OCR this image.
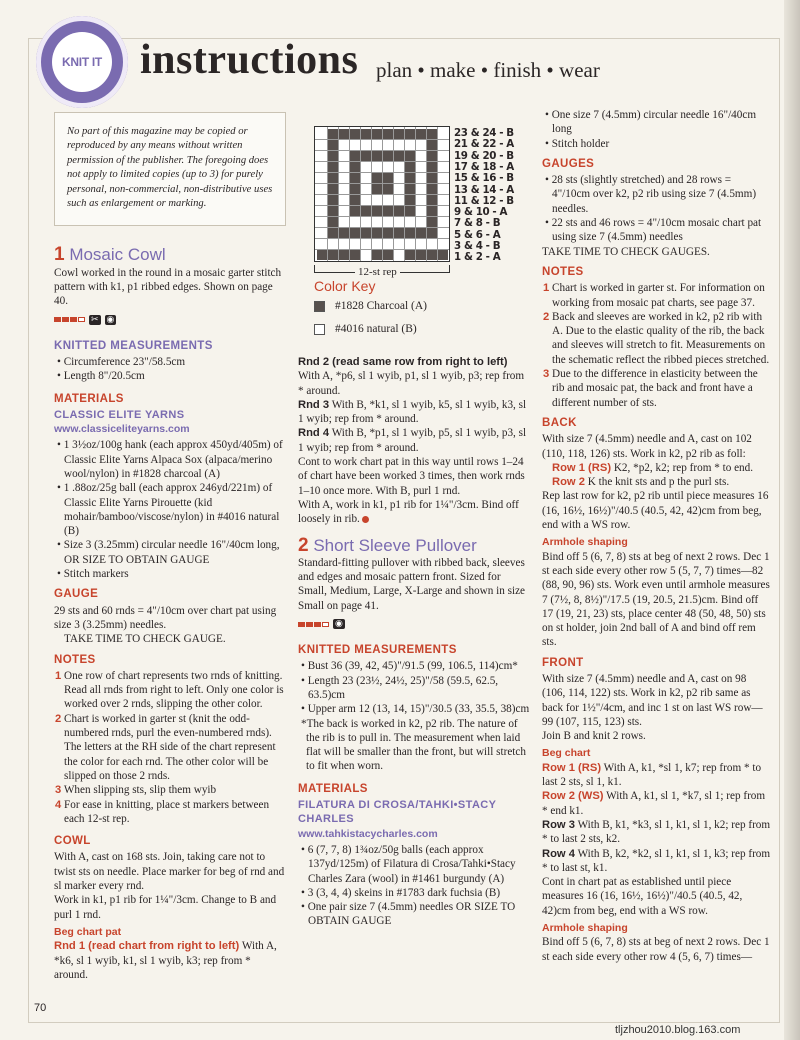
KNIT IT instructions plan • make • finish • wear
No part of this magazine may be copied or reproduced by any means without written permission of the publisher. The foregoing does not apply to limited copies (up to 3) for purely personal, non-commercial, non-distributive uses such as enlargement or marking.
1 Mosaic Cowl
Cowl worked in the round in a mosaic garter stitch pattern with k1, p1 ribbed edges. Shown on page 40.
✂ ◉
KNITTED MEASUREMENTS
• Circumference 23"/58.5cm
• Length 8"/20.5cm
MATERIALS
CLASSIC ELITE YARNS
www.classiceliteyarns.com
• 1 3½oz/100g hank (each approx 450yd/405m) of Classic Elite Yarns Alpaca Sox (alpaca/merino wool/nylon) in #1828 charcoal (A)
• 1 .88oz/25g ball (each approx 246yd/221m) of Classic Elite Yarns Pirouette (kid mohair/bamboo/viscose/nylon) in #4016 natural (B)
• Size 3 (3.25mm) circular needle 16"/40cm long, OR SIZE TO OBTAIN GAUGE
• Stitch markers
GAUGE
29 sts and 60 rnds = 4"/10cm over chart pat using size 3 (3.25mm) needles.
TAKE TIME TO CHECK GAUGE.
NOTES
1 One row of chart represents two rnds of knitting. Read all rnds from right to left. Only one color is worked over 2 rnds, slipping the other color.
2 Chart is worked in garter st (knit the odd-numbered rnds, purl the even-numbered rnds). The letters at the RH side of the chart represent the color for each rnd. The other color will be slipped on those 2 rnds.
3 When slipping sts, slip them wyib
4 For ease in knitting, place st markers between each 12-st rep.
COWL
With A, cast on 168 sts. Join, taking care not to twist sts on needle. Place marker for beg of rnd and sl marker every rnd.
Work in k1, p1 rib for 1¼"/3cm. Change to B and purl 1 rnd.
Beg chart pat
Rnd 1 (read chart from right to left) With A, *k6, sl 1 wyib, k1, sl 1 wyib, k3; rep from * around.
23 & 24 - B
21 & 22 - A
19 & 20 - B
17 & 18 - A
15 & 16 - B
13 & 14 - A
11 & 12 - B
9 & 10 - A
7 & 8 - B
5 & 6 - A
3 & 4 - B
1 & 2 - A
12-st rep
Color Key
#1828 Charcoal (A)
#4016 natural (B)
Rnd 2 (read same row from right to left) With A, *p6, sl 1 wyib, p1, sl 1 wyib, p3; rep from * around.
Rnd 3 With B, *k1, sl 1 wyib, k5, sl 1 wyib, k3, sl 1 wyib; rep from * around.
Rnd 4 With B, *p1, sl 1 wyib, p5, sl 1 wyib, p3, sl 1 wyib; rep from * around.
Cont to work chart pat in this way until rows 1–24 of chart have been worked 3 times, then work rnds 1–10 once more. With B, purl 1 rnd.
With A, work in k1, p1 rib for 1¼"/3cm. Bind off loosely in rib.
2 Short Sleeve Pullover
Standard-fitting pullover with ribbed back, sleeves and edges and mosaic pattern front. Sized for Small, Medium, Large, X-Large and shown in size Small on page 41.
◉
KNITTED MEASUREMENTS
• Bust 36 (39, 42, 45)"/91.5 (99, 106.5, 114)cm*
• Length 23 (23½, 24½, 25)"/58 (59.5, 62.5, 63.5)cm
• Upper arm 12 (13, 14, 15)"/30.5 (33, 35.5, 38)cm
*The back is worked in k2, p2 rib. The nature of the rib is to pull in. The measurement when laid flat will be smaller than the front, but will stretch to fit when worn.
MATERIALS
FILATURA DI CROSA/TAHKI•STACY CHARLES
www.tahkistacycharles.com
• 6 (7, 7, 8) 1¾oz/50g balls (each approx 137yd/125m) of Filatura di Crosa/Tahki•Stacy Charles Zara (wool) in #1461 burgundy (A)
• 3 (3, 4, 4) skeins in #1783 dark fuchsia (B)
• One pair size 7 (4.5mm) needles OR SIZE TO OBTAIN GAUGE
• One size 7 (4.5mm) circular needle 16"/40cm long
• Stitch holder
GAUGES
• 28 sts (slightly stretched) and 28 rows = 4"/10cm over k2, p2 rib using size 7 (4.5mm) needles.
• 22 sts and 46 rows = 4"/10cm mosaic chart pat using size 7 (4.5mm) needles
TAKE TIME TO CHECK GAUGES.
NOTES
1 Chart is worked in garter st. For information on working from mosaic pat charts, see page 37.
2 Back and sleeves are worked in k2, p2 rib with A. Due to the elastic quality of the rib, the back and sleeves will stretch to fit. Measurements on the schematic reflect the ribbed pieces stretched.
3 Due to the difference in elasticity between the rib and mosaic pat, the back and front have a different number of sts.
BACK
With size 7 (4.5mm) needle and A, cast on 102 (110, 118, 126) sts. Work in k2, p2 rib as foll:
Row 1 (RS) K2, *p2, k2; rep from * to end.
Row 2 K the knit sts and p the purl sts.
Rep last row for k2, p2 rib until piece measures 16 (16, 16½, 16½)"/40.5 (40.5, 42, 42)cm from beg, end with a WS row.
Armhole shaping
Bind off 5 (6, 7, 8) sts at beg of next 2 rows. Dec 1 st each side every other row 5 (5, 7, 7) times—82 (88, 90, 96) sts. Work even until armhole measures 7 (7½, 8, 8½)"/17.5 (19, 20.5, 21.5)cm. Bind off 17 (19, 21, 23) sts, place center 48 (50, 48, 50) sts on st holder, join 2nd ball of A and bind off rem sts.
FRONT
With size 7 (4.5mm) needle and A, cast on 98 (106, 114, 122) sts. Work in k2, p2 rib same as back for 1½"/4cm, and inc 1 st on last WS row—99 (107, 115, 123) sts.
Join B and knit 2 rows.
Beg chart
Row 1 (RS) With A, k1, *sl 1, k7; rep from * to last 2 sts, sl 1, k1.
Row 2 (WS) With A, k1, sl 1, *k7, sl 1; rep from * end k1.
Row 3 With B, k1, *k3, sl 1, k1, sl 1, k2; rep from * to last 2 sts, k2.
Row 4 With B, k2, *k2, sl 1, k1, sl 1, k3; rep from * to last st, k1.
Cont in chart pat as established until piece measures 16 (16, 16½, 16½)"/40.5 (40.5, 42, 42)cm from beg, end with a WS row.
Armhole shaping
Bind off 5 (6, 7, 8) sts at beg of next 2 rows. Dec 1 st each side every other row 4 (5, 6, 7) times—
70
tljzhou2010.blog.163.com
